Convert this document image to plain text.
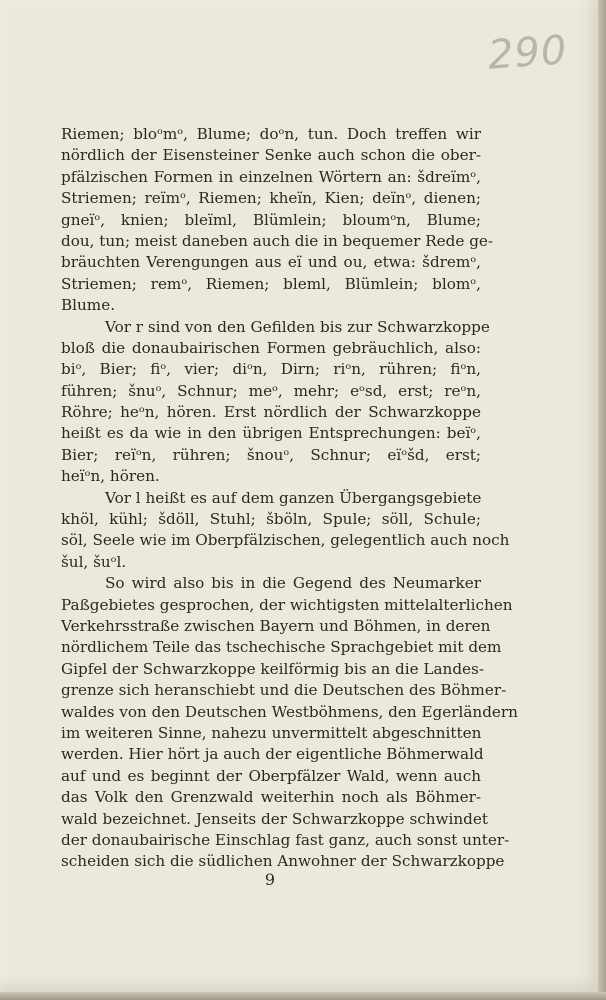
290
Riemen; bloᵒmᵒ, Blume; doᵒn, tun. Doch treffen wir
nördlich der Eisensteiner Senke auch schon die ober-
pfälzischen Formen in einzelnen Wörtern an: šdreïmᵒ,
Striemen; reïmᵒ, Riemen; kheïn, Kien; deïnᵒ, dienen;
gneïᵒ, knien; bleïml, Blümlein; bloumᵒn, Blume;
dou, tun; meist daneben auch die in bequemer Rede ge-
bräuchten Verengungen aus eï und ou, etwa: šdremᵒ,
Striemen; remᵒ, Riemen; bleml, Blümlein; blomᵒ,
Blume.
Vor r sind von den Gefilden bis zur Schwarzkoppe
bloß die donaubairischen Formen gebräuchlich, also:
biᵒ, Bier; fiᵒ, vier; diᵒn, Dirn; riᵒn, rühren; fiᵒn,
führen; šnuᵒ, Schnur; meᵒ, mehr; eᵒsd, erst; reᵒn,
Röhre; heᵒn, hören. Erst nördlich der Schwarzkoppe
heißt es da wie in den übrigen Entsprechungen: beïᵒ,
Bier; reïᵒn, rühren; šnouᵒ, Schnur; eïᵒšd, erst;
heïᵒn, hören.
Vor l heißt es auf dem ganzen Übergangsgebiete
khöl, kühl; šdöll, Stuhl; šböln, Spule; söll, Schule;
söl, Seele wie im Oberpfälzischen, gelegentlich auch noch
šul, šuᵒl.
So wird also bis in die Gegend des Neumarker
Paßgebietes gesprochen, der wichtigsten mittelalterlichen
Verkehrsstraße zwischen Bayern und Böhmen, in deren
nördlichem Teile das tschechische Sprachgebiet mit dem
Gipfel der Schwarzkoppe keilförmig bis an die Landes-
grenze sich heranschiebt und die Deutschen des Böhmer-
waldes von den Deutschen Westböhmens, den Egerländern
im weiteren Sinne, nahezu unvermittelt abgeschnitten
werden. Hier hört ja auch der eigentliche Böhmerwald
auf und es beginnt der Oberpfälzer Wald, wenn auch
das Volk den Grenzwald weiterhin noch als Böhmer-
wald bezeichnet. Jenseits der Schwarzkoppe schwindet
der donaubairische Einschlag fast ganz, auch sonst unter-
scheiden sich die südlichen Anwohner der Schwarzkoppe
9
